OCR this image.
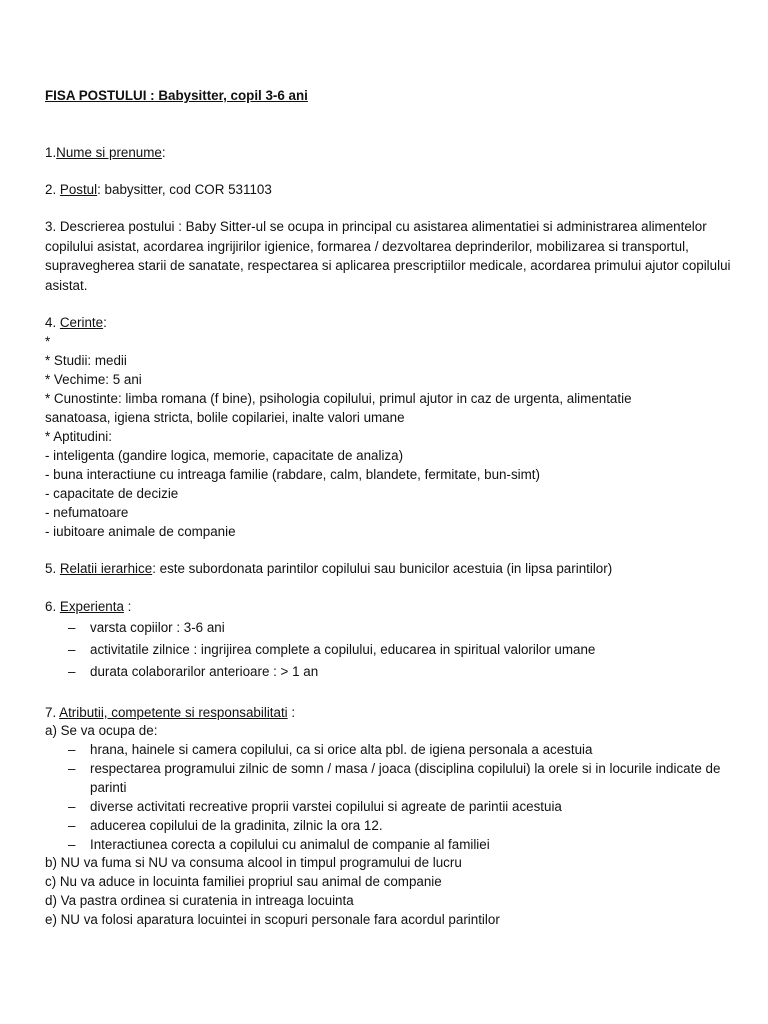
FISA POSTULUI : Babysitter, copil 3-6 ani
1.Nume si prenume:
2. Postul: babysitter, cod COR 531103
3. Descrierea postului : Baby Sitter-ul se ocupa in principal cu asistarea alimentatiei si administrarea alimentelor copilului asistat, acordarea ingrijirilor igienice, formarea / dezvoltarea deprinderilor, mobilizarea si transportul, supravegherea starii de sanatate, respectarea si aplicarea prescriptiilor medicale, acordarea primului ajutor copilului asistat.
4. Cerinte:
*
* Studii: medii
* Vechime: 5 ani
* Cunostinte: limba romana (f bine), psihologia copilului, primul ajutor in caz de urgenta, alimentatie
sanatoasa, igiena stricta, bolile copilariei, inalte valori umane
* Aptitudini:
- inteligenta (gandire logica, memorie, capacitate de analiza)
- buna interactiune cu intreaga familie (rabdare, calm, blandete, fermitate, bun-simt)
- capacitate de decizie
- nefumatoare
- iubitoare animale de companie
5. Relatii ierarhice: este subordonata parintilor copilului sau bunicilor acestuia (in lipsa parintilor)
6. Experienta :
– varsta copiilor : 3-6 ani
– activitatile zilnice : ingrijirea complete a copilului, educarea in spiritual valorilor umane
– durata colaborarilor anterioare : > 1 an
7. Atributii, competente si responsabilitati :
a) Se va ocupa de:
– hrana, hainele si camera copilului, ca si orice alta pbl. de igiena personala a acestuia
– respectarea programului zilnic de somn / masa / joaca (disciplina copilului) la orele si in locurile indicate de parinti
– diverse activitati recreative proprii varstei copilului si agreate de parintii acestuia
– aducerea copilului de la gradinita, zilnic la ora 12.
– Interactiunea corecta a copilului cu animalul de companie al familiei
b) NU va fuma si NU va consuma alcool in timpul programului de lucru
c) Nu va aduce in locuinta familiei propriul sau animal de companie
d) Va pastra ordinea si curatenia in intreaga locuinta
e) NU va folosi aparatura locuintei in scopuri personale fara acordul parintilor
